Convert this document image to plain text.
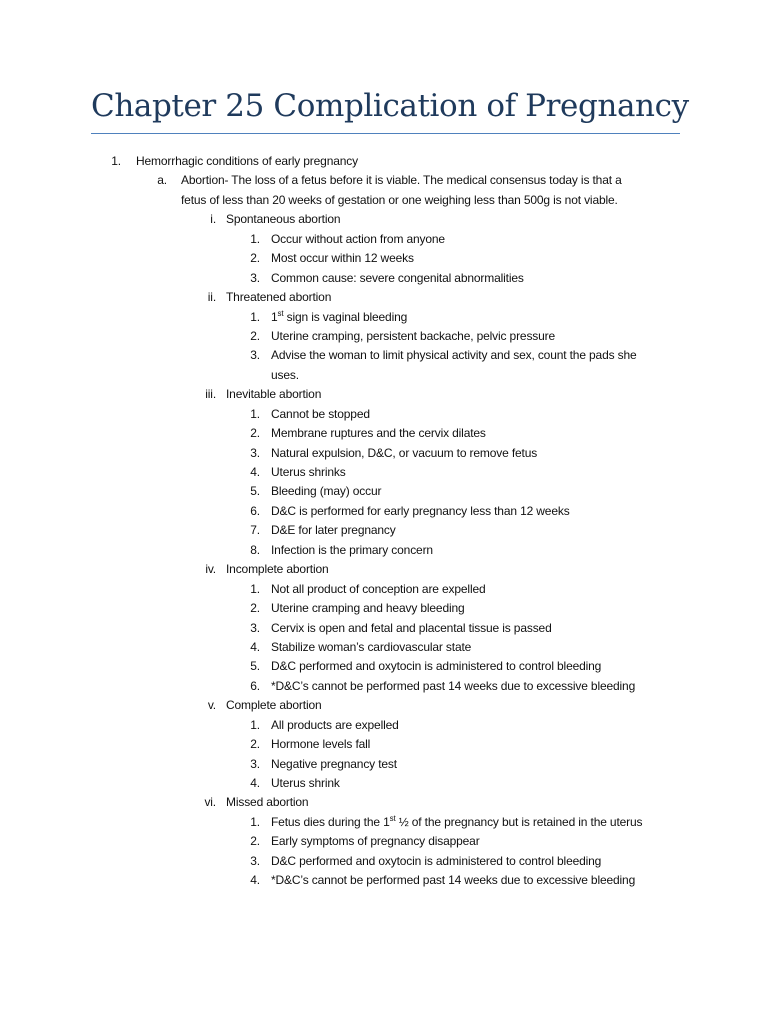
Chapter 25 Complication of Pregnancy
1. Hemorrhagic conditions of early pregnancy
a. Abortion- The loss of a fetus before it is viable. The medical consensus today is that a
fetus of less than 20 weeks of gestation or one weighing less than 500g is not viable.
i. Spontaneous abortion
1. Occur without action from anyone
2. Most occur within 12 weeks
3. Common cause: severe congenital abnormalities
ii. Threatened abortion
1. 1st sign is vaginal bleeding
2. Uterine cramping, persistent backache, pelvic pressure
3. Advise the woman to limit physical activity and sex, count the pads she
uses.
iii. Inevitable abortion
1. Cannot be stopped
2. Membrane ruptures and the cervix dilates
3. Natural expulsion, D&C, or vacuum to remove fetus
4. Uterus shrinks
5. Bleeding (may) occur
6. D&C is performed for early pregnancy less than 12 weeks
7. D&E for later pregnancy
8. Infection is the primary concern
iv. Incomplete abortion
1. Not all product of conception are expelled
2. Uterine cramping and heavy bleeding
3. Cervix is open and fetal and placental tissue is passed
4. Stabilize woman’s cardiovascular state
5. D&C performed and oxytocin is administered to control bleeding
6. *D&C’s cannot be performed past 14 weeks due to excessive bleeding
v. Complete abortion
1. All products are expelled
2. Hormone levels fall
3. Negative pregnancy test
4. Uterus shrink
vi. Missed abortion
1. Fetus dies during the 1st ½ of the pregnancy but is retained in the uterus
2. Early symptoms of pregnancy disappear
3. D&C performed and oxytocin is administered to control bleeding
4. *D&C’s cannot be performed past 14 weeks due to excessive bleeding
